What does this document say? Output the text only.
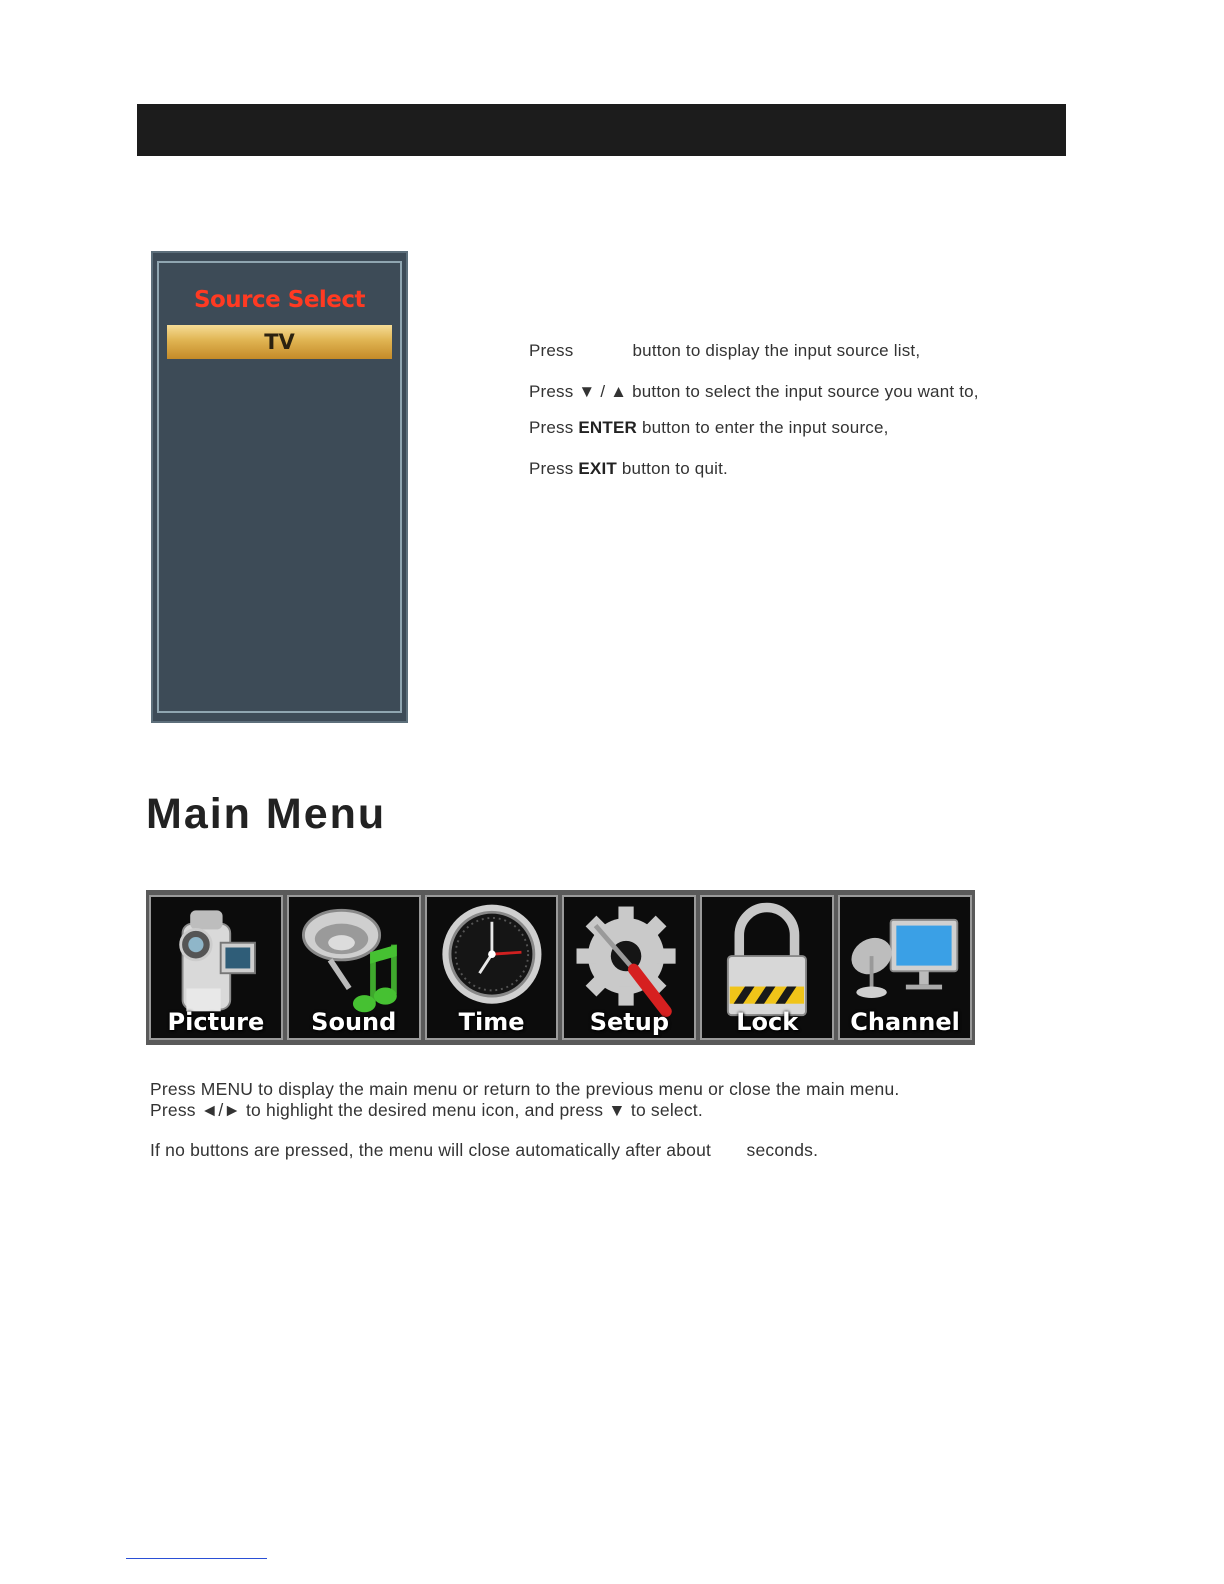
Source Select
TV	Press            button to display the input source list,
Press ▼ / ▲ button to select the input source you want to,
Press ENTER button to enter the input source,
Press EXIT button to quit.
Main Menu
Picture	Sound	Time	Setup	Lock	Channel
Press MENU to display the main menu or return to the previous menu or close the main menu.
Press ◄/► to highlight the desired menu icon, and press ▼ to select.
If no buttons are pressed, the menu will close automatically after about       seconds.
